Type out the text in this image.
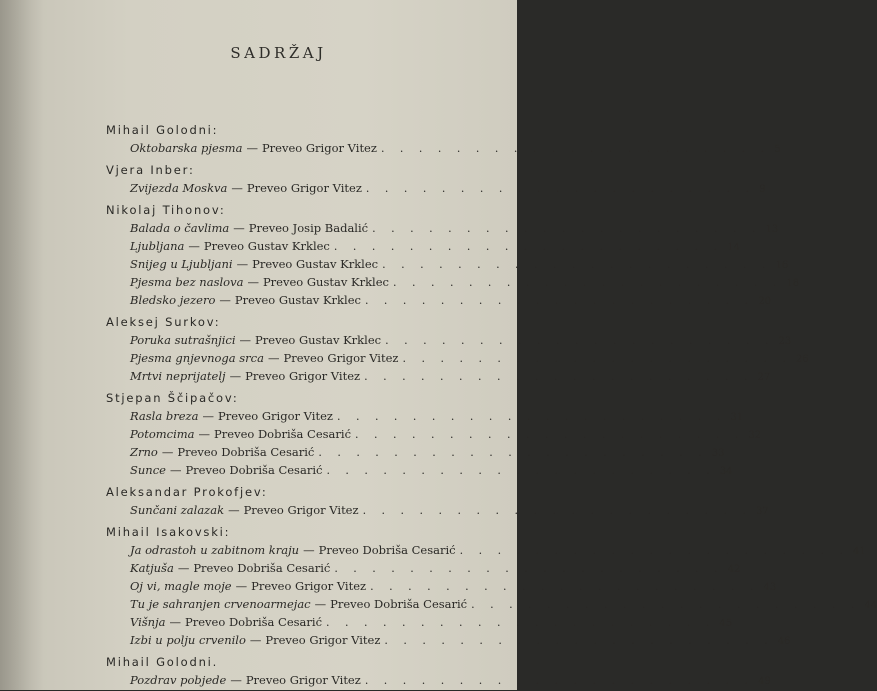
SADRŽAJ
Mihail Golodni:
Oktobarska pjesma — Preveo Grigor Vitez . . . . . . . . . . . . . . . . . . . . . 5
Vjera Inber:
Zvijezda Moskva — Preveo Grigor Vitez . . . . . . . . . . . . . . . . . . . . . 9
Nikolaj Tihonov:
Balada o čavlima — Preveo Josip Badalić . . . . . . . . . . . . . . . . . . . . . 13
Ljubljana — Preveo Gustav Krklec . . . . . . . . . . . . . . . . . . . . . 14
Snijeg u Ljubljani — Preveo Gustav Krklec . . . . . . . . . . . . . . . . . . . . . 16
Pjesma bez naslova — Preveo Gustav Krklec . . . . . . . . . . . . . . . . . . . . . 18
Bledsko jezero — Preveo Gustav Krklec . . . . . . . . . . . . . . . . . . . . . 20
Aleksej Surkov:
Poruka sutrašnjici — Preveo Gustav Krklec . . . . . . . . . . . . . . . . . . . . . 23
Pjesma gnjevnoga srca — Preveo Grigor Vitez . . . . . . . . . . . . . . . . . . . . . 26
Mrtvi neprijatelj — Preveo Grigor Vitez . . . . . . . . . . . . . . . . . . . . . 27
Stjepan Ščipačov:
Rasla breza — Preveo Grigor Vitez . . . . . . . . . . . . . . . . . . . . . 31
Potomcima — Preveo Dobriša Cesarić . . . . . . . . . . . . . . . . . . . . . 32
Zrno — Preveo Dobriša Cesarić . . . . . . . . . . . . . . . . . . . . . 33
Sunce — Preveo Dobriša Cesarić . . . . . . . . . . . . . . . . . . . . . 34
Aleksandar Prokofjev:
Sunčani zalazak — Preveo Grigor Vitez . . . . . . . . . . . . . . . . . . . . . 37
Mihail Isakovski:
Ja odrastoh u zabitnom kraju — Preveo Dobriša Cesarić . . . . . . . . . . . . . . . . . . . . . 41
Katjuša — Preveo Dobriša Cesarić . . . . . . . . . . . . . . . . . . . . . 42
Oj vi, magle moje — Preveo Grigor Vitez . . . . . . . . . . . . . . . . . . . . . 43
Tu je sahranjen crvenoarmejac — Preveo Dobriša Cesarić . . . . . . . . . . . . . . . . . . . . . 44
Višnja — Preveo Dobriša Cesarić . . . . . . . . . . . . . . . . . . . . . 45
Izbi u polju crvenilo — Preveo Grigor Vitez . . . . . . . . . . . . . . . . . . . . . 46
Mihail Golodni.
Pozdrav pobjede — Preveo Grigor Vitez . . . . . . . . . . . . . . . . . . . . . 49
